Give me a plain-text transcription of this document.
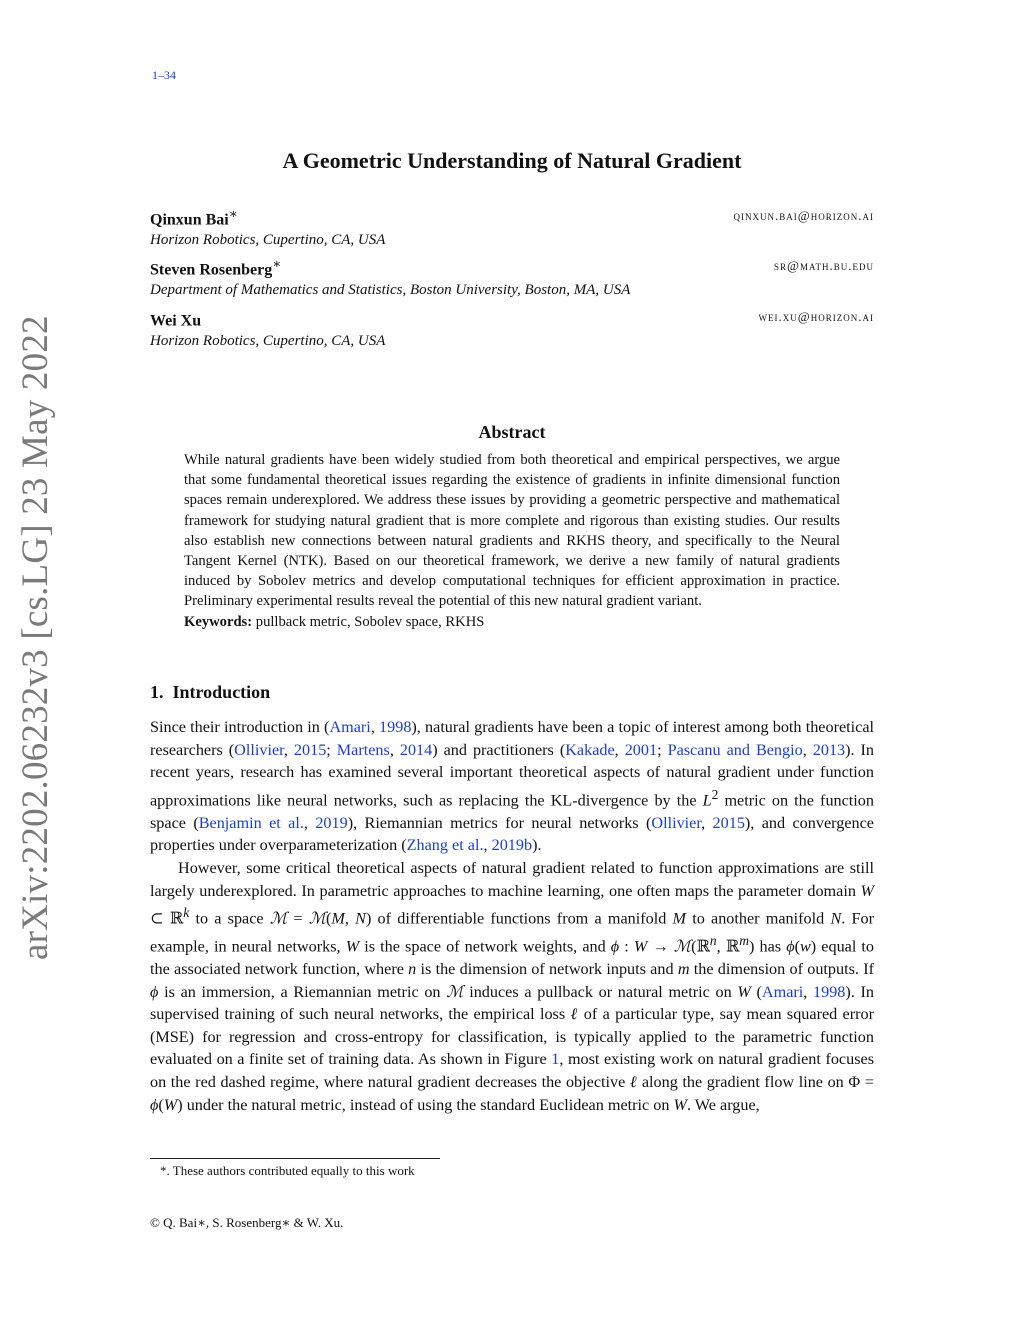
1–34
arXiv:2202.06232v3 [cs.LG] 23 May 2022
A Geometric Understanding of Natural Gradient
Qinxun Bai∗	qinxun.bai@horizon.ai
Horizon Robotics, Cupertino, CA, USA
Steven Rosenberg∗	sr@math.bu.edu
Department of Mathematics and Statistics, Boston University, Boston, MA, USA
Wei Xu	wei.xu@horizon.ai
Horizon Robotics, Cupertino, CA, USA
Abstract

While natural gradients have been widely studied from both theoretical and empirical perspectives, we argue that some fundamental theoretical issues regarding the existence of gradients in infinite dimensional function spaces remain underexplored. We address these issues by providing a geometric perspective and mathematical framework for studying natural gradient that is more complete and rigorous than existing studies. Our results also establish new connections between natural gradients and RKHS theory, and specifically to the Neural Tangent Kernel (NTK). Based on our theoretical framework, we derive a new family of natural gradients induced by Sobolev metrics and develop computational techniques for efficient approximation in practice. Preliminary experimental results reveal the potential of this new natural gradient variant.

Keywords: pullback metric, Sobolev space, RKHS

1. Introduction

Since their introduction in (Amari, 1998), natural gradients have been a topic of interest among both theoretical researchers (Ollivier, 2015; Martens, 2014) and practitioners (Kakade, 2001; Pascanu and Bengio, 2013). In recent years, research has examined several important theoretical aspects of natural gradient under function approximations like neural networks, such as replacing the KL-divergence by the $L^2$ metric on the function space (Benjamin et al., 2019), Riemannian metrics for neural networks (Ollivier, 2015), and convergence properties under overparameterization (Zhang et al., 2019b).

However, some critical theoretical aspects of natural gradient related to function approximations are still largely underexplored. In parametric approaches to machine learning, one often maps the parameter domain W ⊂ ℝ$^k$ to a space ℳ = ℳ(M, N) of differentiable functions from a manifold M to another manifold N. For example, in neural networks, W is the space of network weights, and ϕ : W → ℳ(ℝ$^n$, ℝ$^m$) has ϕ(w) equal to the associated network function, where n is the dimension of network inputs and m the dimension of outputs. If ϕ is an immersion, a Riemannian metric on ℳ induces a pullback or natural metric on W (Amari, 1998). In supervised training of such neural networks, the empirical loss ℓ of a particular type, say mean squared error (MSE) for regression and cross-entropy for classification, is typically applied to the parametric function evaluated on a finite set of training data. As shown in Figure 1, most existing work on natural gradient focuses on the red dashed regime, where natural gradient decreases the objective ℓ along the gradient flow line on Φ = ϕ(W) under the natural metric, instead of using the standard Euclidean metric on W. We argue,

*. These authors contributed equally to this work
© Q. Bai∗, S. Rosenberg∗ & W. Xu.
